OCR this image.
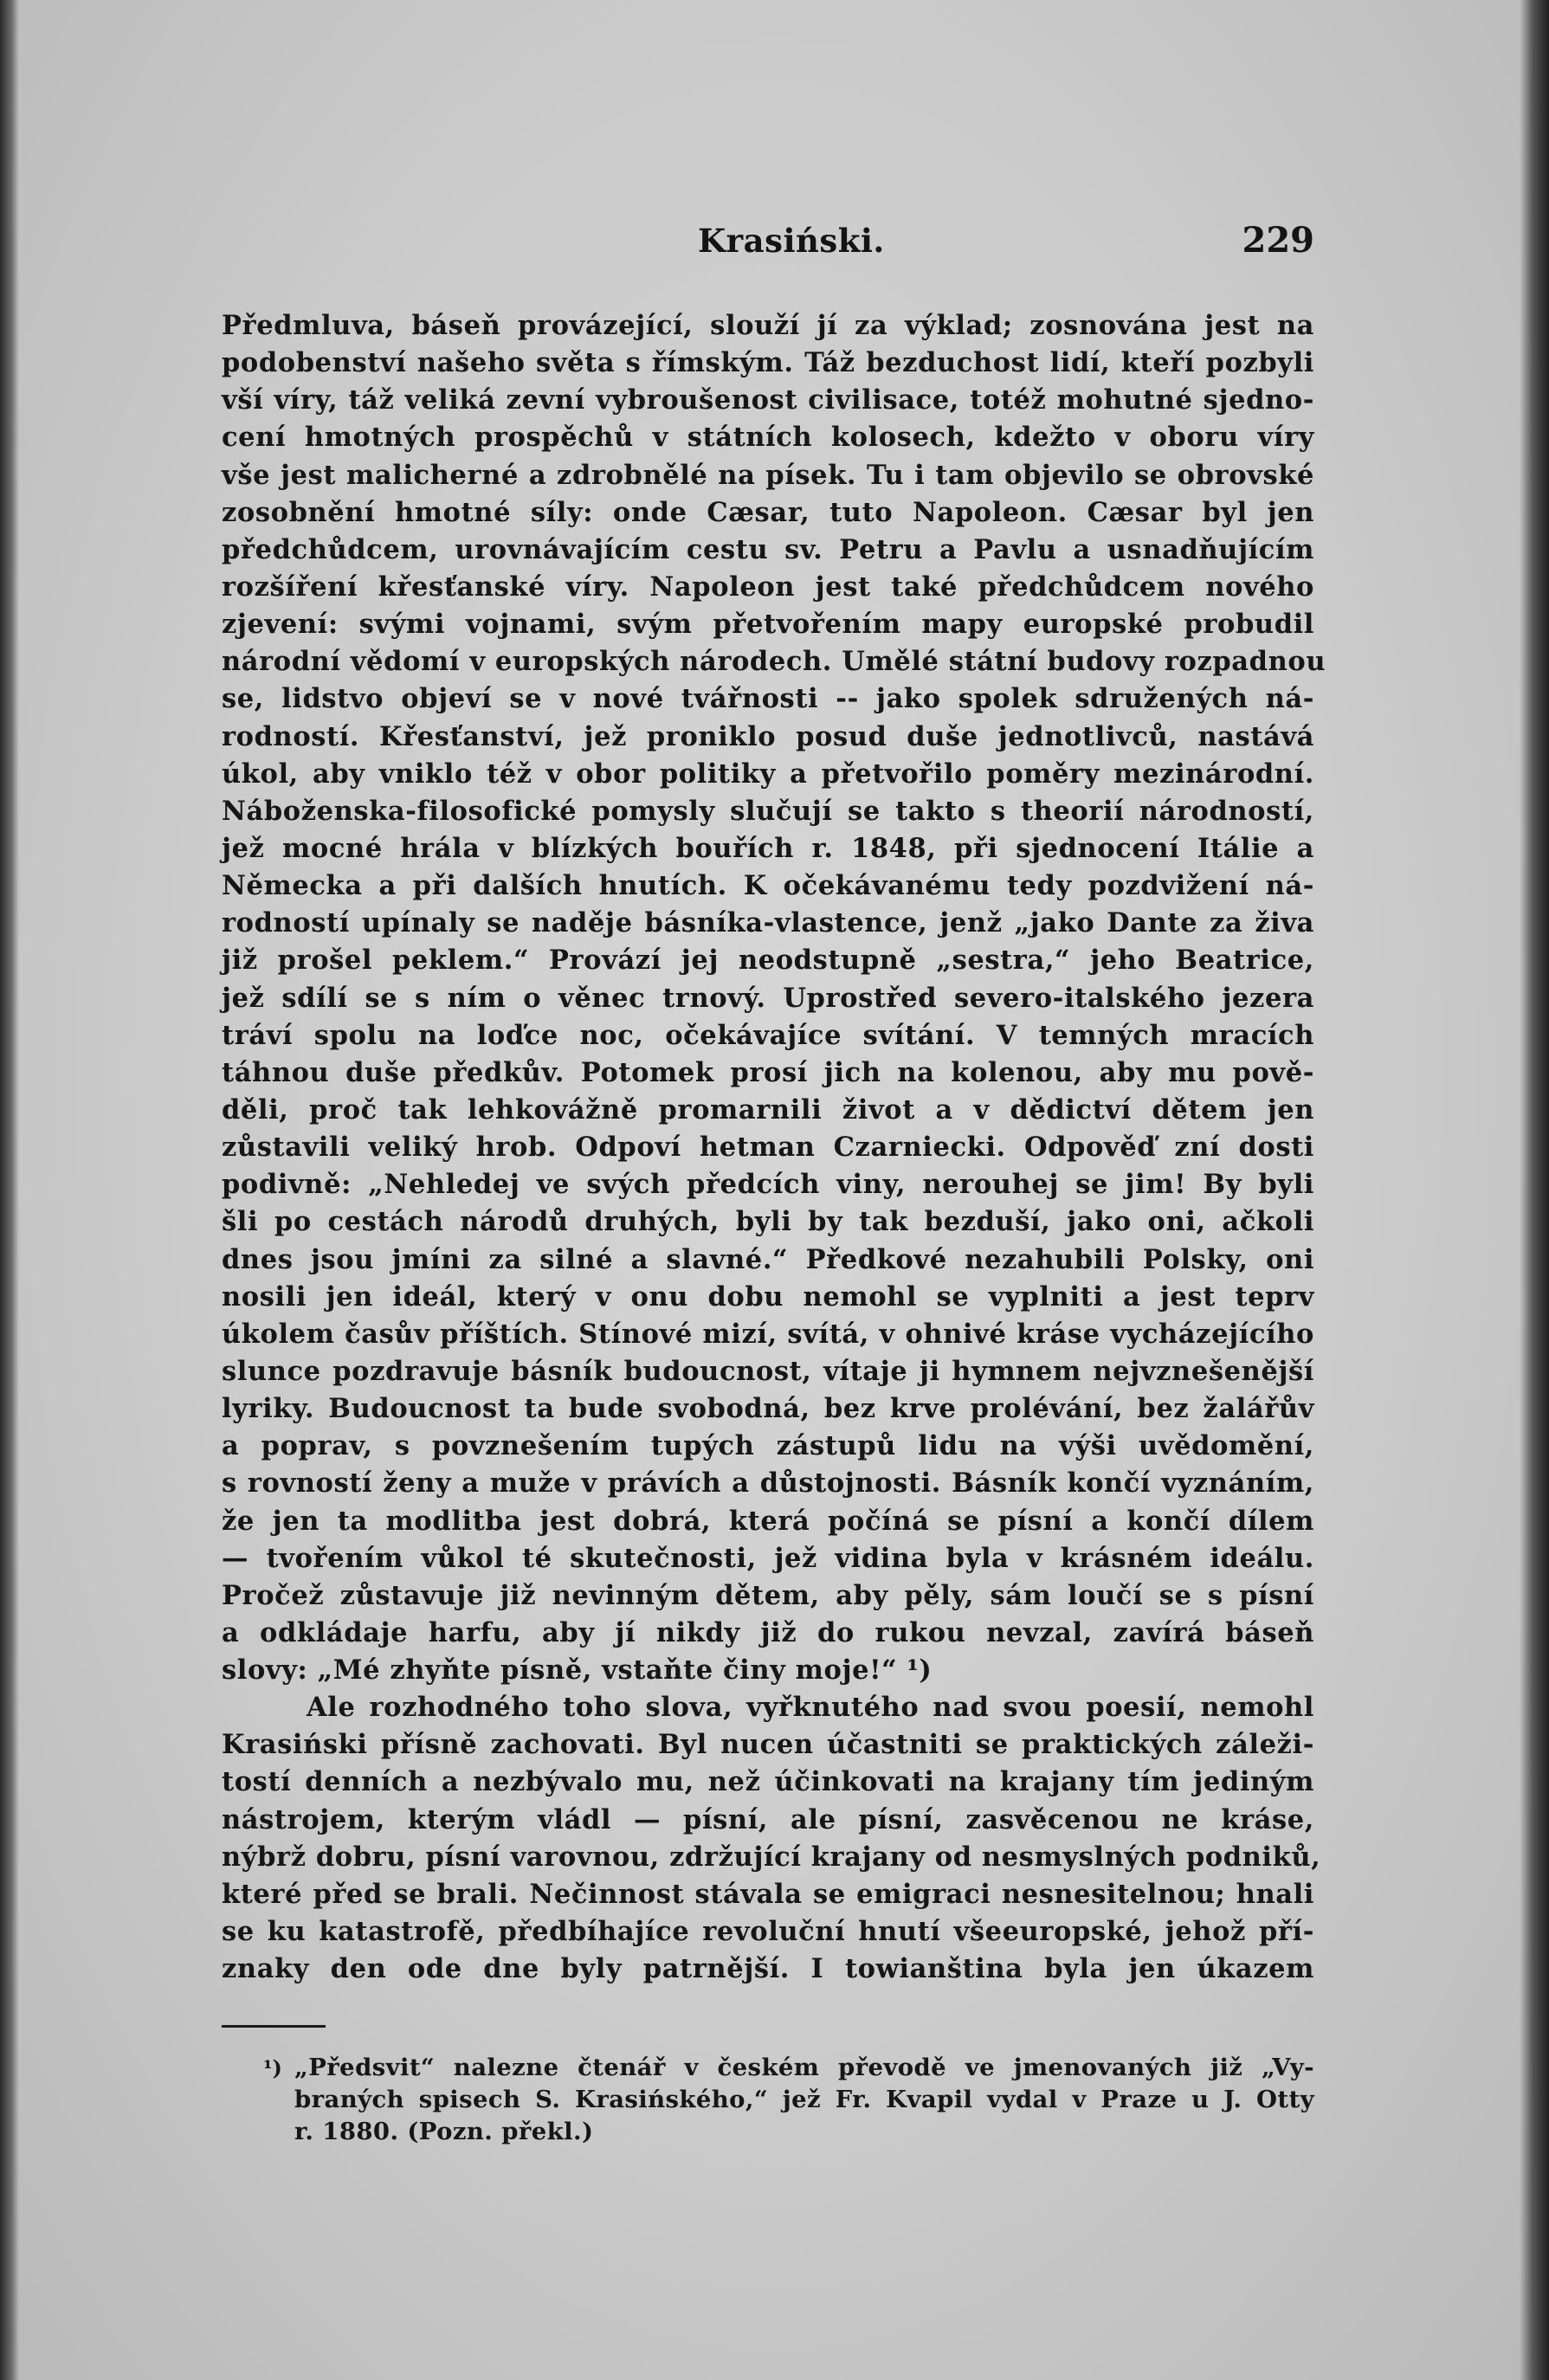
Krasiński.	229
Předmluva, báseň provázející, slouží jí za výklad; zosnována jest na
podobenství našeho světa s římským. Táž bezduchost lidí, kteří pozbyli
vší víry, táž veliká zevní vybroušenost civilisace, totéž mohutné sjedno-
cení hmotných prospěchů v státních kolosech, kdežto v oboru víry
vše jest malicherné a zdrobnělé na písek. Tu i tam objevilo se obrovské
zosobnění hmotné síly: onde Cæsar, tuto Napoleon. Cæsar byl jen
předchůdcem, urovnávajícím cestu sv. Petru a Pavlu a usnadňujícím
rozšíření křesťanské víry. Napoleon jest také předchůdcem nového
zjevení: svými vojnami, svým přetvořením mapy europské probudil
národní vědomí v europských národech. Umělé státní budovy rozpadnou
se, lidstvo objeví se v nové tvářnosti -- jako spolek sdružených ná-
rodností. Křesťanství, jež proniklo posud duše jednotlivců, nastává
úkol, aby vniklo též v obor politiky a přetvořilo poměry mezinárodní.
Náboženska-filosofické pomysly slučují se takto s theorií národností,
jež mocné hrála v blízkých bouřích r. 1848, při sjednocení Itálie a
Německa a při dalších hnutích. K očekávanému tedy pozdvižení ná-
rodností upínaly se naděje básníka-vlastence, jenž „jako Dante za živa
již prošel peklem.“ Provází jej neodstupně „sestra,“ jeho Beatrice,
jež sdílí se s ním o věnec trnový. Uprostřed severo-italského jezera
tráví spolu na loďce noc, očekávajíce svítání. V temných mracích
táhnou duše předkův. Potomek prosí jich na kolenou, aby mu pově-
děli, proč tak lehkovážně promarnili život a v dědictví dětem jen
zůstavili veliký hrob. Odpoví hetman Czarniecki. Odpověď zní dosti
podivně: „Nehledej ve svých předcích viny, nerouhej se jim! By byli
šli po cestách národů druhých, byli by tak bezduší, jako oni, ačkoli
dnes jsou jmíni za silné a slavné.“ Předkové nezahubili Polsky, oni
nosili jen ideál, který v onu dobu nemohl se vyplniti a jest teprv
úkolem časův příštích. Stínové mizí, svítá, v ohnivé kráse vycházejícího
slunce pozdravuje básník budoucnost, vítaje ji hymnem nejvznešenější
lyriky. Budoucnost ta bude svobodná, bez krve prolévání, bez žalářův
a poprav, s povznešením tupých zástupů lidu na výši uvědomění,
s rovností ženy a muže v právích a důstojnosti. Básník končí vyznáním,
že jen ta modlitba jest dobrá, která počíná se písní a končí dílem
— tvořením vůkol té skutečnosti, jež vidina byla v krásném ideálu.
Pročež zůstavuje již nevinným dětem, aby pěly, sám loučí se s písní
a odkládaje harfu, aby jí nikdy již do rukou nevzal, zavírá báseň
slovy: „Mé zhyňte písně, vstaňte činy moje!“ ¹)
Ale rozhodného toho slova, vyřknutého nad svou poesií, nemohl
Krasiński přísně zachovati. Byl nucen účastniti se praktických záleži-
tostí denních a nezbývalo mu, než účinkovati na krajany tím jediným
nástrojem, kterým vládl — písní, ale písní, zasvěcenou ne kráse,
nýbrž dobru, písní varovnou, zdržující krajany od nesmyslných podniků,
které před se brali. Nečinnost stávala se emigraci nesnesitelnou; hnali
se ku katastrofě, předbíhajíce revoluční hnutí všeeuropské, jehož pří-
znaky den ode dne byly patrnější. I towianština byla jen úkazem
¹) „Předsvit“ nalezne čtenář v českém převodě ve jmenovaných již „Vy-
braných spisech S. Krasińského,“ jež Fr. Kvapil vydal v Praze u J. Otty
r. 1880. (Pozn. překl.)
